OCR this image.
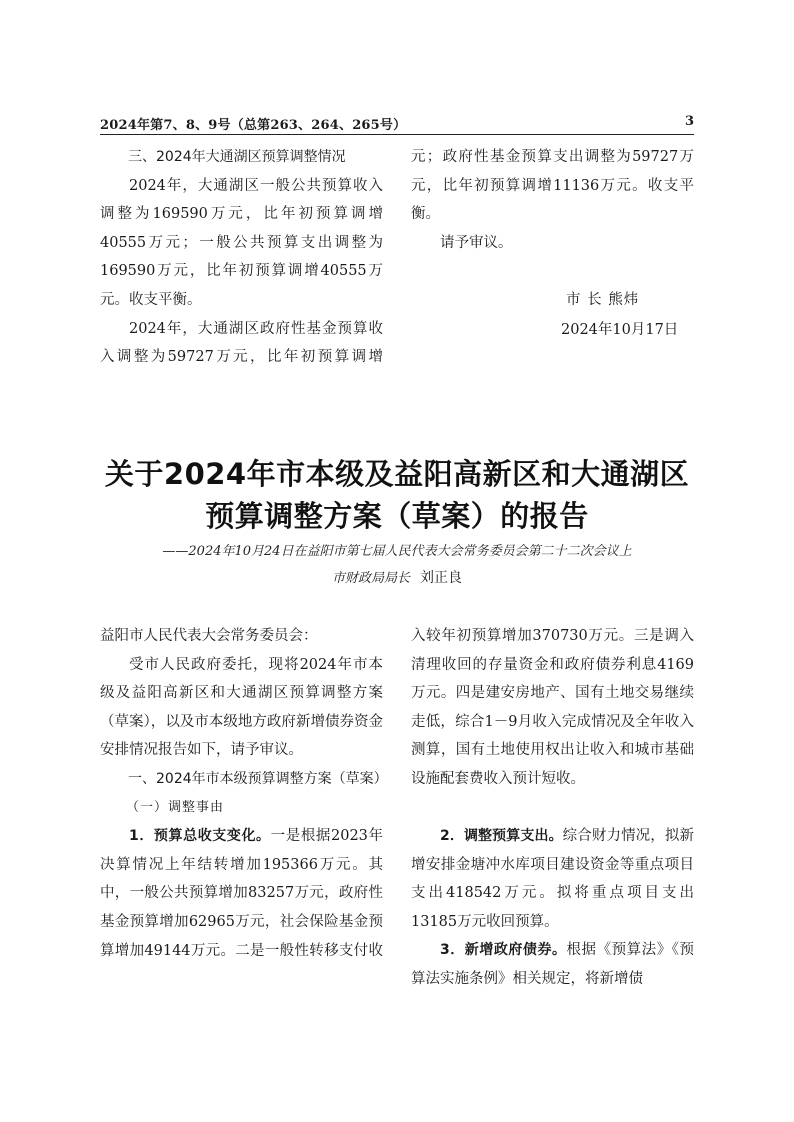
2024年第7、8、9号（总第263、264、265号）	3

三、2024年大通湖区预算调整情况

2024年，大通湖区一般公共预算收入调整为169590万元，比年初预算调增40555万元；一般公共预算支出调整为169590万元，比年初预算调增40555万元。收支平衡。

2024年，大通湖区政府性基金预算收入调整为59727万元，比年初预算调增

元；政府性基金预算支出调整为59727万元，比年初预算调增11136万元。收支平衡。

请予审议。

市 长 熊炜
2024年10月17日
关于2024年市本级及益阳高新区和大通湖区
预算调整方案（草案）的报告
——2024年10月24日在益阳市第七届人民代表大会常务委员会第二十二次会议上
市财政局局长 刘正良

益阳市人民代表大会常务委员会：

受市人民政府委托，现将2024年市本级及益阳高新区和大通湖区预算调整方案（草案），以及市本级地方政府新增债券资金安排情况报告如下，请予审议。

一、2024年市本级预算调整方案（草案）

（一）调整事由

1．预算总收支变化。一是根据2023年决算情况上年结转增加195366万元。其中，一般公共预算增加83257万元，政府性基金预算增加62965万元，社会保险基金预算增加49144万元。二是一般性转移支付收

入较年初预算增加370730万元。三是调入清理收回的存量资金和政府债券利息4169万元。四是建安房地产、国有土地交易继续走低，综合1－9月收入完成情况及全年收入测算，国有土地使用权出让收入和城市基础设施配套费收入预计短收。

2．调整预算支出。综合财力情况，拟新增安排金塘冲水库项目建设资金等重点项目支出418542万元。拟将重点项目支出13185万元收回预算。

3．新增政府债券。根据《预算法》《预算法实施条例》相关规定，将新增债
